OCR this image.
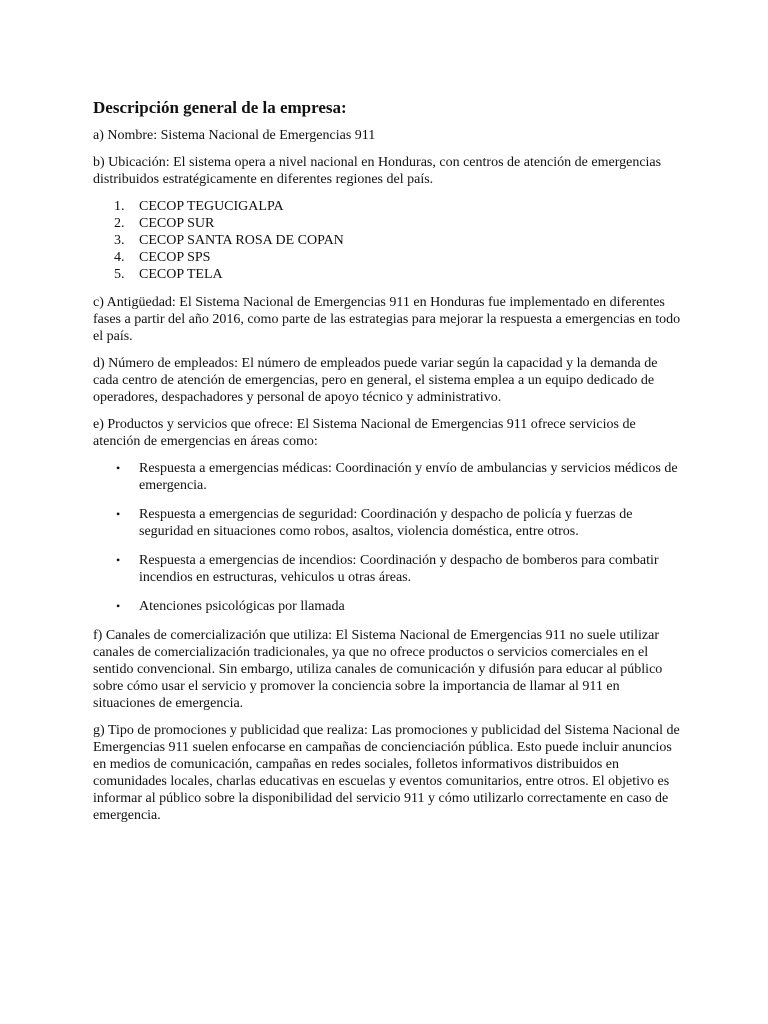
Descripción general de la empresa:

a) Nombre: Sistema Nacional de Emergencias 911

b) Ubicación: El sistema opera a nivel nacional en Honduras, con centros de atención de emergencias distribuidos estratégicamente en diferentes regiones del país.

1. CECOP TEGUCIGALPA
2. CECOP SUR
3. CECOP SANTA ROSA DE COPAN
4. CECOP SPS
5. CECOP TELA

c) Antigüedad: El Sistema Nacional de Emergencias 911 en Honduras fue implementado en diferentes fases a partir del año 2016, como parte de las estrategias para mejorar la respuesta a emergencias en todo el país.

d) Número de empleados: El número de empleados puede variar según la capacidad y la demanda de cada centro de atención de emergencias, pero en general, el sistema emplea a un equipo dedicado de operadores, despachadores y personal de apoyo técnico y administrativo.

e) Productos y servicios que ofrece: El Sistema Nacional de Emergencias 911 ofrece servicios de atención de emergencias en áreas como:

• Respuesta a emergencias médicas: Coordinación y envío de ambulancias y servicios médicos de emergencia.
• Respuesta a emergencias de seguridad: Coordinación y despacho de policía y fuerzas de seguridad en situaciones como robos, asaltos, violencia doméstica, entre otros.
• Respuesta a emergencias de incendios: Coordinación y despacho de bomberos para combatir incendios en estructuras, vehiculos u otras áreas.
• Atenciones psicológicas por llamada

f) Canales de comercialización que utiliza: El Sistema Nacional de Emergencias 911 no suele utilizar canales de comercialización tradicionales, ya que no ofrece productos o servicios comerciales en el sentido convencional. Sin embargo, utiliza canales de comunicación y difusión para educar al público sobre cómo usar el servicio y promover la conciencia sobre la importancia de llamar al 911 en situaciones de emergencia.

g) Tipo de promociones y publicidad que realiza: Las promociones y publicidad del Sistema Nacional de Emergencias 911 suelen enfocarse en campañas de concienciación pública. Esto puede incluir anuncios en medios de comunicación, campañas en redes sociales, folletos informativos distribuidos en comunidades locales, charlas educativas en escuelas y eventos comunitarios, entre otros. El objetivo es informar al público sobre la disponibilidad del servicio 911 y cómo utilizarlo correctamente en caso de emergencia.
